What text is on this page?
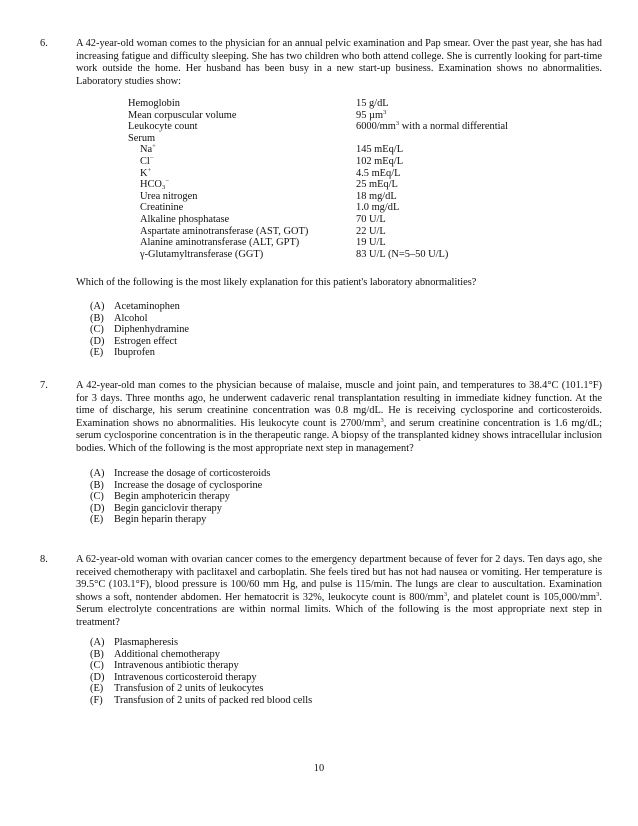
6.	A 42-year-old woman comes to the physician for an annual pelvic examination and Pap smear. Over the past year, she has had increasing fatigue and difficulty sleeping. She has two children who both attend college. She is currently looking for part-time work outside the home. Her husband has been busy in a new start-up business. Examination shows no abnormalities. Laboratory studies show:

Hemoglobin	15 g/dL
Mean corpuscular volume	95 µm$^3$
Leukocyte count	$6000/mm^3$ with a normal differential
Serum
Na+	145 mEq/L
Cl−	102 mEq/L
K+	4.5 mEq/L
$HCO_3^-$	25 mEq/L
Urea nitrogen	18 mg/dL
Creatinine	1.0 mg/dL
Alkaline phosphatase	70 U/L
Aspartate aminotransferase (AST, GOT)	22 U/L
Alanine aminotransferase (ALT, GPT)	19 U/L
γ-Glutamyltransferase (GGT)	83 U/L (N=5–50 U/L)
Which of the following is the most likely explanation for this patient's laboratory abnormalities?
(A) Acetaminophen
(B) Alcohol
(C) Diphenhydramine
(D) Estrogen effect
(E)	Ibuprofen
7.	A 42-year-old man comes to the physician because of malaise, muscle and joint pain, and temperatures to 38.4°C (101.1°F) for 3 days. Three months ago, he underwent cadaveric renal transplantation resulting in immediate kidney function. At the time of discharge, his serum creatinine concentration was 0.8 mg/dL. He is receiving cyclosporine and corticosteroids. Examination shows no abnormalities. His leukocyte count is $2700/mm^3$, and serum creatinine concentration is 1.6 mg/dL; serum cyclosporine concentration is in the therapeutic range. A biopsy of the transplanted kidney shows intracellular inclusion bodies. Which of the following is the most appropriate next step in management?

(A) Increase the dosage of corticosteroids
(B) Increase the dosage of cyclosporine
(C) Begin amphotericin therapy
(D) Begin ganciclovir therapy
(E)	Begin heparin therapy
8.	A 62-year-old woman with ovarian cancer comes to the emergency department because of fever for 2 days. Ten days ago, she received chemotherapy with paclitaxel and carboplatin. She feels tired but has not had nausea or vomiting. Her temperature is 39.5°C (103.1°F), blood pressure is 100/60 mm Hg, and pulse is 115/min. The lungs are clear to auscultation. Examination shows a soft, nontender abdomen. Her hematocrit is 32%, leukocyte count is $800/mm^3$, and platelet count is $105,000/mm^3$. Serum electrolyte concentrations are within normal limits. Which of the following is the most appropriate next step in treatment?

(A) Plasmapheresis
(B) Additional chemotherapy
(C) Intravenous antibiotic therapy
(D) Intravenous corticosteroid therapy
(E)	Transfusion of 2 units of leukocytes
(F)	Transfusion of 2 units of packed red blood cells
10
